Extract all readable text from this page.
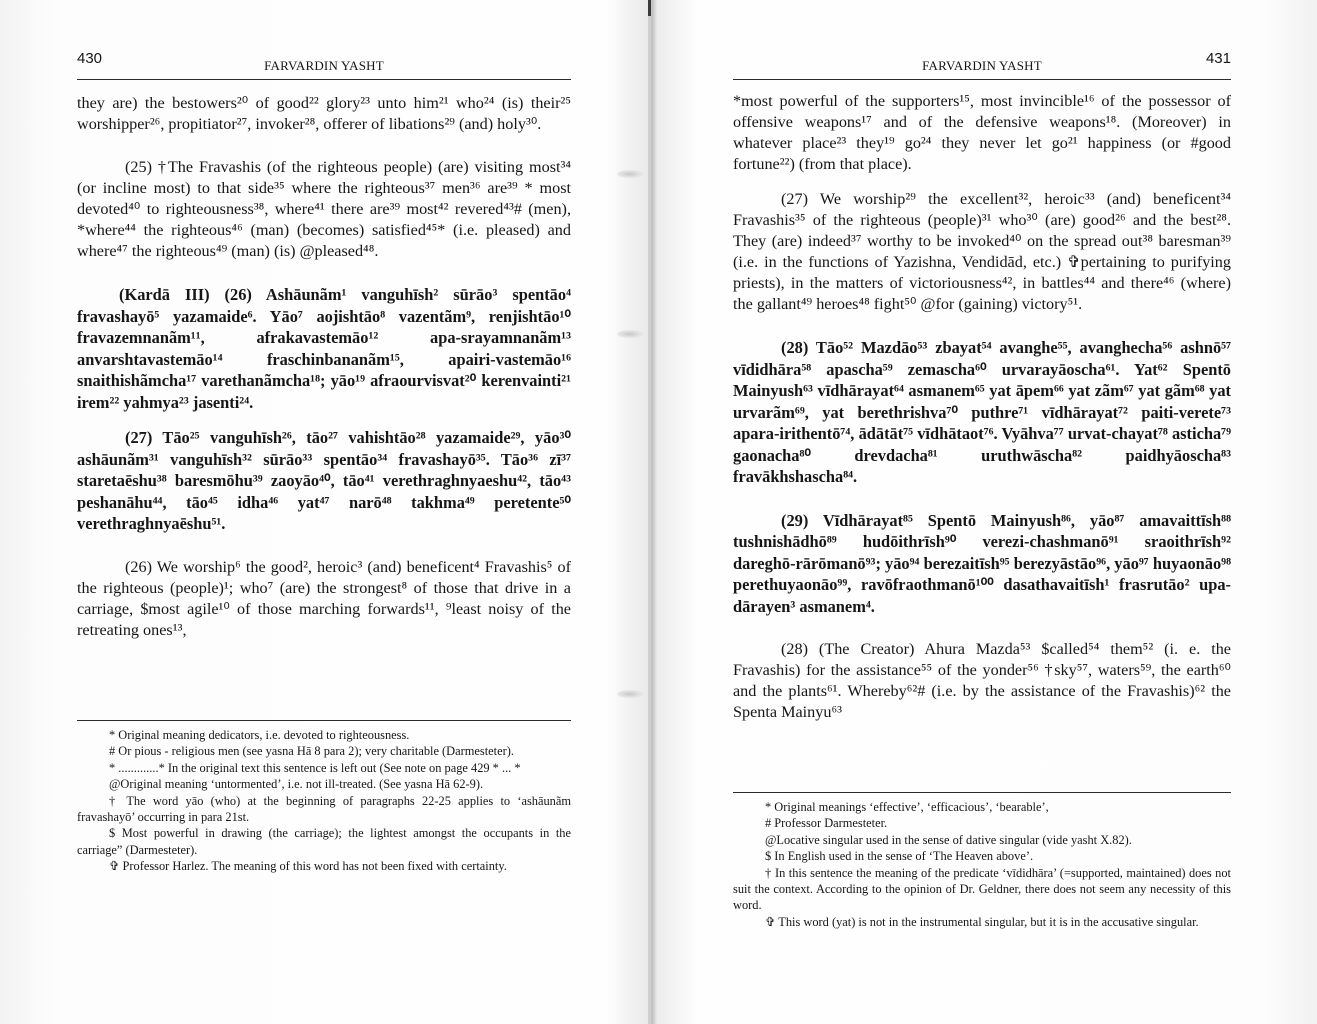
430	FARVARDIN YASHT

they are) the bestowers²⁰ of good²² glory²³ unto him²¹ who²⁴ (is) their²⁵ worshipper²⁶, propitiator²⁷, invoker²⁸, offerer of libations²⁹ (and) holy³⁰.

(25) †The Fravashis (of the righteous people) (are) visiting most³⁴ (or incline most) to that side³⁵ where the righteous³⁷ men³⁶ are³⁹ * most devoted⁴⁰ to righteousness³⁸, where⁴¹ there are³⁹ most⁴² revered⁴³# (men), *where⁴⁴ the righteous⁴⁶ (man) (becomes) satisfied⁴⁵* (i.e. pleased) and where⁴⁷ the righteous⁴⁹ (man) (is) @pleased⁴⁸.

(Kardā III) (26) Ashāunãm¹ vanguhīsh² sūrāo³ spentāo⁴ fravashayō⁵ yazamaide⁶. Yāo⁷ aojishtāo⁸ vazentãm⁹, renjishtāo¹⁰ fravazemnanãm¹¹, afrakavastemāo¹² apa-srayamnanãm¹³ anvarshtavastemāo¹⁴ fraschinbananãm¹⁵, apairi-vastemāo¹⁶ snaithishãmcha¹⁷ varethanãmcha¹⁸; yāo¹⁹ afraourvisvat²⁰ kerenvainti²¹ irem²² yahmya²³ jasenti²⁴.

(27) Tāo²⁵ vanguhīsh²⁶, tāo²⁷ vahishtāo²⁸ yazamaide²⁹, yāo³⁰ ashāunãm³¹ vanguhīsh³² sūrāo³³ spentāo³⁴ fravashayō³⁵. Tāo³⁶ zī³⁷ staretaēshu³⁸ baresmōhu³⁹ zaoyāo⁴⁰, tāo⁴¹ verethraghnyaeshu⁴², tāo⁴³ peshanāhu⁴⁴, tāo⁴⁵ idha⁴⁶ yat⁴⁷ narō⁴⁸ takhma⁴⁹ peretente⁵⁰ verethraghnyaēshu⁵¹.

(26) We worship⁶ the good², heroic³ (and) beneficent⁴ Fravashis⁵ of the righteous (people)¹; who⁷ (are) the strongest⁸ of those that drive in a carriage, $most agile¹⁰ of those marching forwards¹¹, ⁹least noisy of the retreating ones¹³,

* Original meaning dedicators, i.e. devoted to righteousness.

# Or pious - religious men (see yasna Hā 8 para 2); very charitable (Darmesteter).

* .............* In the original text this sentence is left out (See note on page 429 * ... *

@Original meaning ‘untormented’, i.e. not ill-treated. (See yasna Hā 62-9).

† The word yāo (who) at the beginning of paragraphs 22-25 applies to ‘ashāunãm fravashayō’ occurring in para 21st.

$ Most powerful in drawing (the carriage); the lightest amongst the occupants in the carriage” (Darmesteter).

✞ Professor Harlez. The meaning of this word has not been fixed with certainty.

431
FARVARDIN YASHT

*most powerful of the supporters¹⁵, most invincible¹⁶ of the possessor of offensive weapons¹⁷ and of the defensive weapons¹⁸. (Moreover) in whatever place²³ they¹⁹ go²⁴ they never let go²¹ happiness (or #good fortune²²) (from that place).

(27) We worship²⁹ the excellent³², heroic³³ (and) beneficent³⁴ Fravashis³⁵ of the righteous (people)³¹ who³⁰ (are) good²⁶ and the best²⁸. They (are) indeed³⁷ worthy to be invoked⁴⁰ on the spread out³⁸ baresman³⁹ (i.e. in the functions of Yazishna, Vendidād, etc.) ✞pertaining to purifying priests), in the matters of victoriousness⁴², in battles⁴⁴ and there⁴⁶ (where) the gallant⁴⁹ heroes⁴⁸ fight⁵⁰ @for (gaining) victory⁵¹.

(28) Tāo⁵² Mazdāo⁵³ zbayat⁵⁴ avanghe⁵⁵, avanghecha⁵⁶ ashnō⁵⁷ vīdidhāra⁵⁸ apascha⁵⁹ zemascha⁶⁰ urvarayāoscha⁶¹. Yat⁶² Spentō Mainyush⁶³ vīdhārayat⁶⁴ asmanem⁶⁵ yat āpem⁶⁶ yat zãm⁶⁷ yat gãm⁶⁸ yat urvarãm⁶⁹, yat berethrishva⁷⁰ puthre⁷¹ vīdhārayat⁷² paiti-verete⁷³ apara-irithentō⁷⁴, ādātāt⁷⁵ vīdhātaot⁷⁶. Vyāhva⁷⁷ urvat-chayat⁷⁸ asticha⁷⁹ gaonacha⁸⁰ drevdacha⁸¹ uruthwāscha⁸² paidhyāoscha⁸³ fravākhshascha⁸⁴.

(29) Vīdhārayat⁸⁵ Spentō Mainyush⁸⁶, yāo⁸⁷ amavaittīsh⁸⁸ tushnishādhō⁸⁹ hudōithrīsh⁹⁰ verezi-chashmanō⁹¹ sraoithrīsh⁹² dareghō-rārōmanō⁹³; yāo⁹⁴ berezaitīsh⁹⁵ berezyāstāo⁹⁶, yāo⁹⁷ huyaonāo⁹⁸ perethuyaonāo⁹⁹, ravōfraothmanō¹⁰⁰ dasathavaitīsh¹ frasrutāo² upa-dārayen³ asmanem⁴.

(28) (The Creator) Ahura Mazda⁵³ $called⁵⁴ them⁵² (i. e. the Fravashis) for the assistance⁵⁵ of the yonder⁵⁶ †sky⁵⁷, waters⁵⁹, the earth⁶⁰ and the plants⁶¹. Whereby⁶²# (i.e. by the assistance of the Fravashis)⁶² the Spenta Mainyu⁶³

* Original meanings ‘effective’, ‘efficacious’, ‘bearable’,

# Professor Darmesteter.

@Locative singular used in the sense of dative singular (vide yasht X.82).

$ In English used in the sense of ‘The Heaven above’.

† In this sentence the meaning of the predicate ‘vīdidhāra’ (=supported, maintained) does not suit the context. According to the opinion of Dr. Geldner, there does not seem any necessity of this word.

✞ This word (yat) is not in the instrumental singular, but it is in the accusative singular.
